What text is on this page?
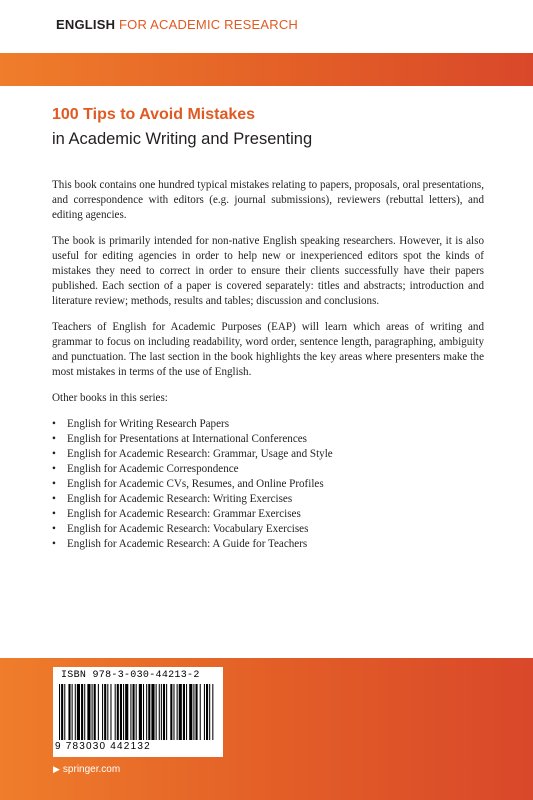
ENGLISH FOR ACADEMIC RESEARCH
100 Tips to Avoid Mistakes
in Academic Writing and Presenting

This book contains one hundred typical mistakes relating to papers, proposals, oral presentations, and correspondence with editors (e.g. journal submissions), reviewers (rebuttal letters), and editing agencies.

The book is primarily intended for non-native English speaking researchers. However, it is also useful for editing agencies in order to help new or inexperienced editors spot the kinds of mistakes they need to correct in order to ensure their clients successfully have their papers published. Each section of a paper is covered separately: titles and abstracts; introduction and literature review; methods, results and tables; discussion and conclusions.

Teachers of English for Academic Purposes (EAP) will learn which areas of writing and grammar to focus on including readability, word order, sentence length, paragraphing, ambiguity and punctuation. The last section in the book highlights the key areas where presenters make the most mistakes in terms of the use of English.

Other books in this series:

• English for Writing Research Papers
• English for Presentations at International Conferences
• English for Academic Research: Grammar, Usage and Style
• English for Academic Correspondence
• English for Academic CVs, Resumes, and Online Profiles
• English for Academic Research: Writing Exercises
• English for Academic Research: Grammar Exercises
• English for Academic Research: Vocabulary Exercises
• English for Academic Research: A Guide for Teachers
ISBN 978-3-030-44213-2
9 783030 442132
▶ springer.com
